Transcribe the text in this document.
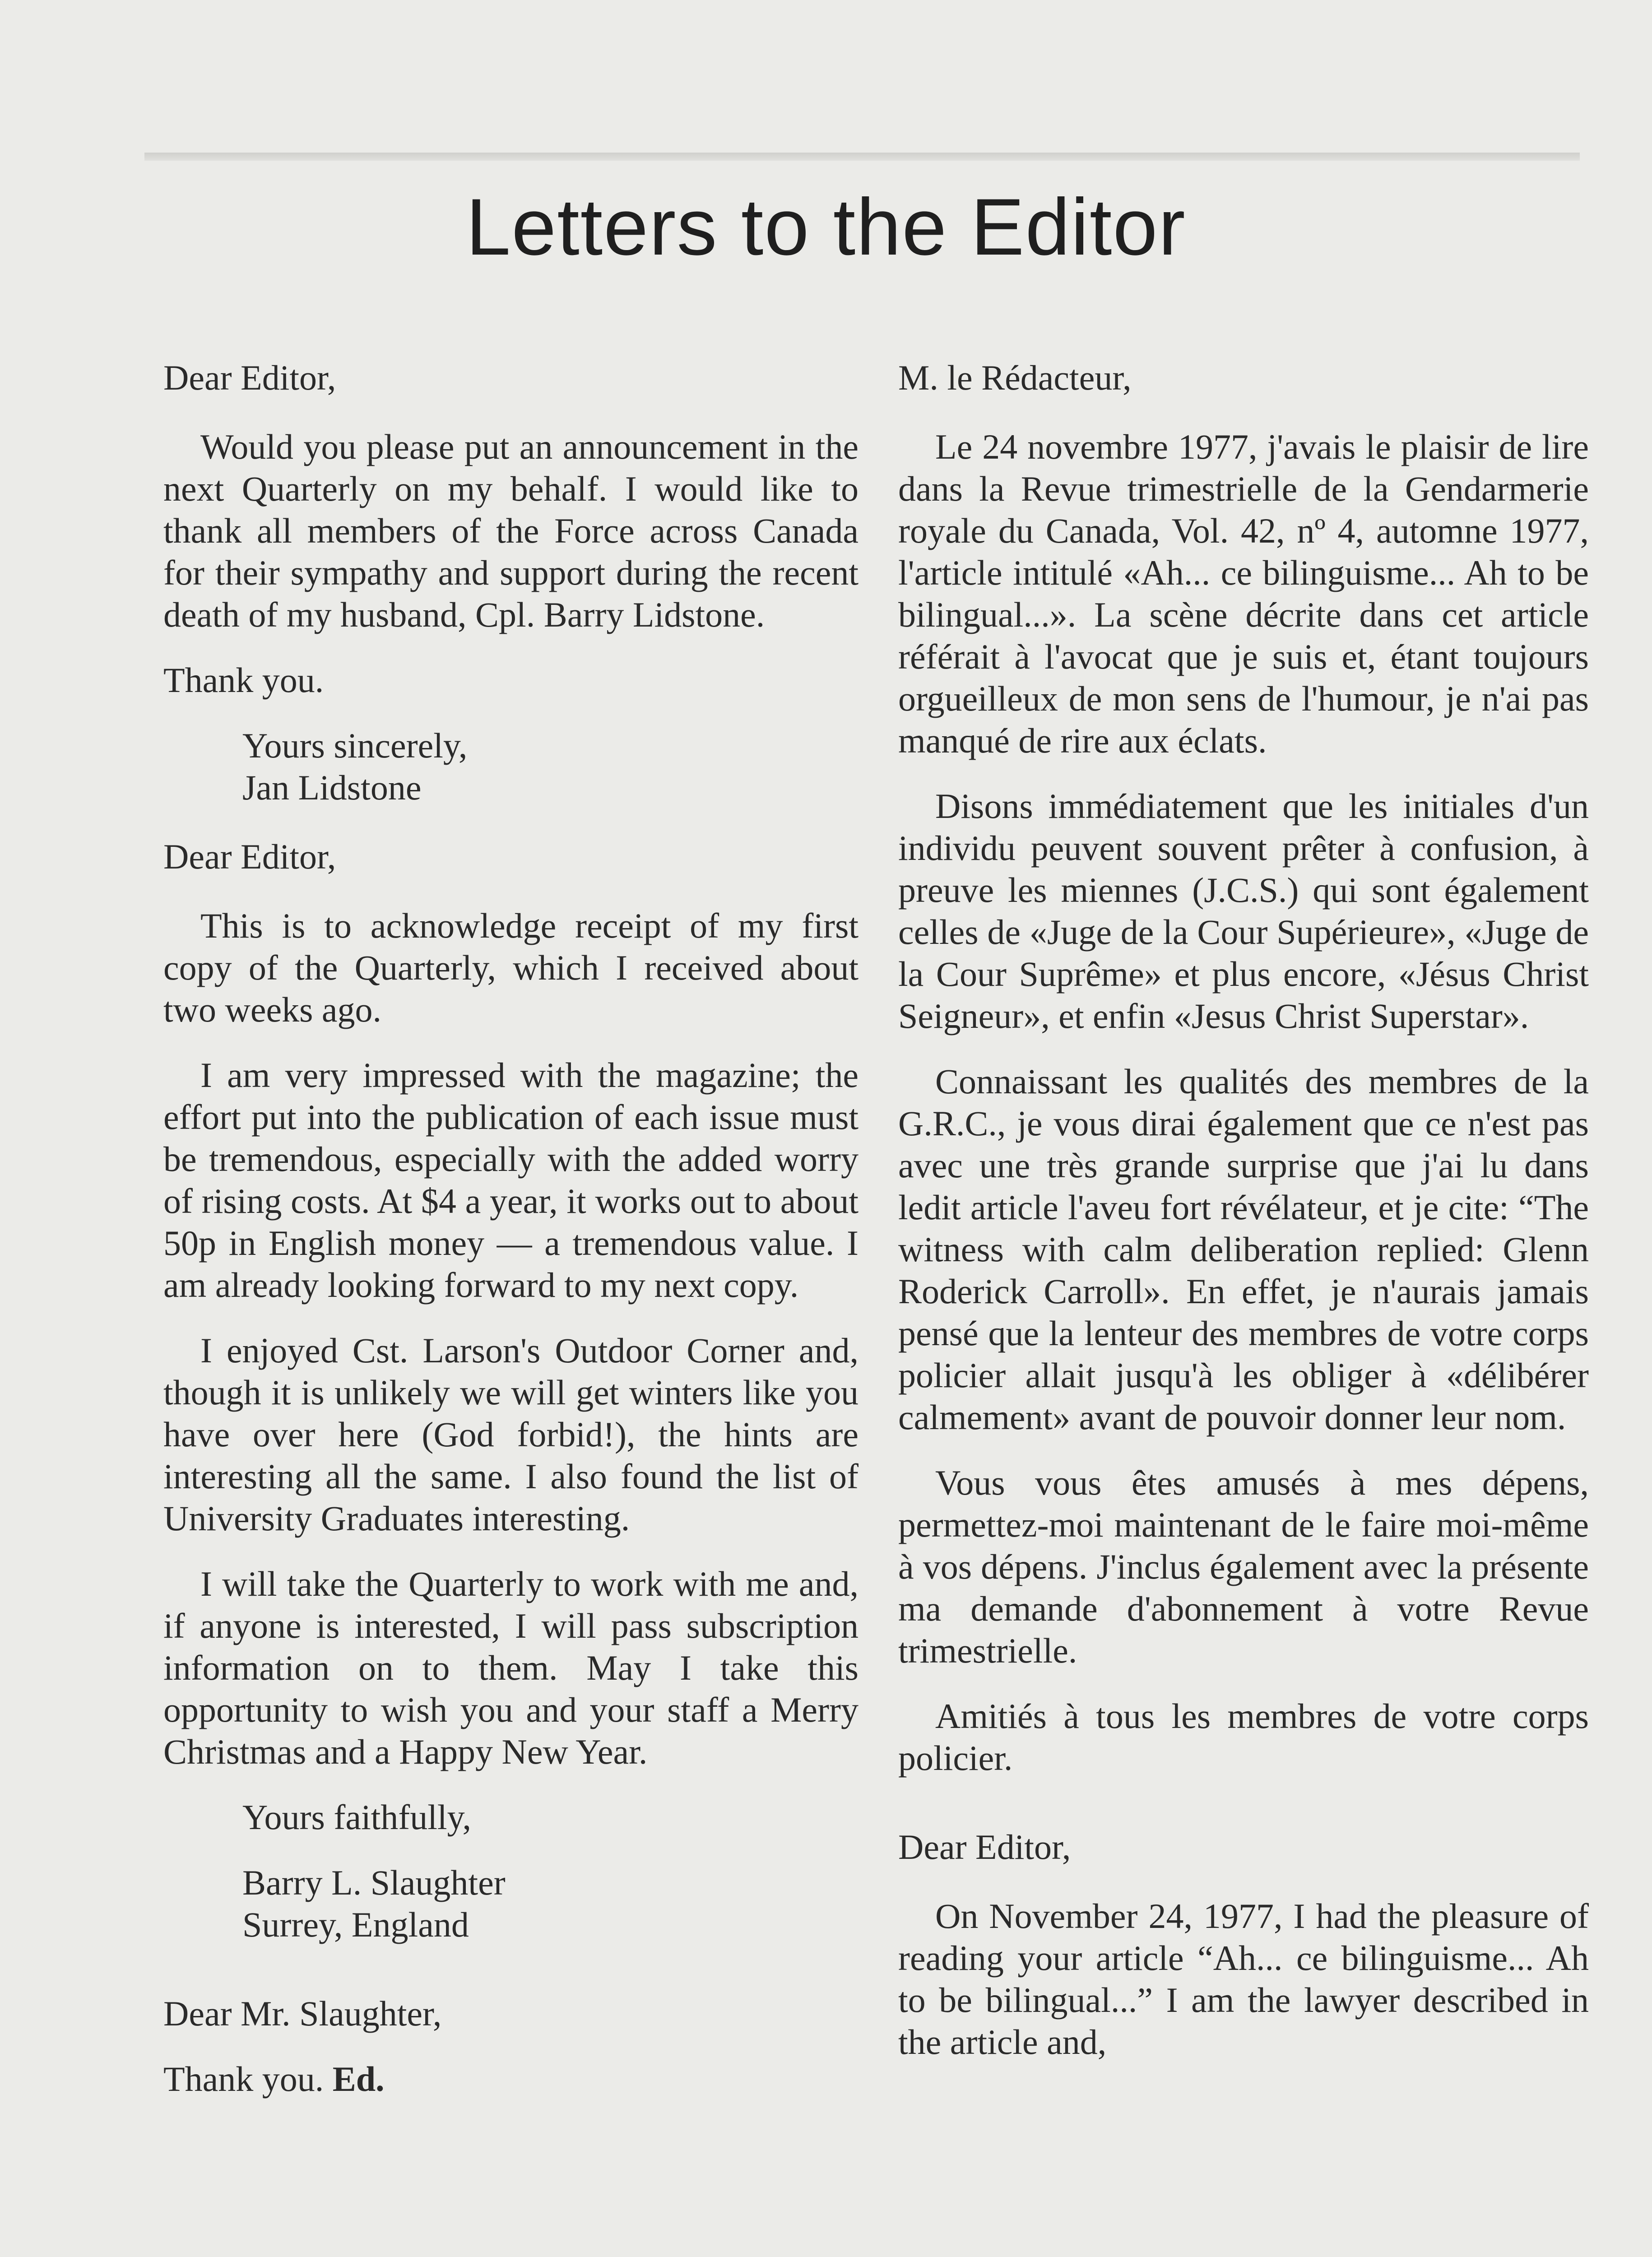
Letters to the Editor

Dear Editor,

Would you please put an announcement in the next Quarterly on my behalf. I would like to thank all members of the Force across Canada for their sympathy and support during the recent death of my husband, Cpl. Barry Lidstone.

Thank you.

Yours sincerely,
Jan Lidstone

Dear Editor,

This is to acknowledge receipt of my first copy of the Quarterly, which I received about two weeks ago.

I am very impressed with the magazine; the effort put into the publication of each issue must be tremendous, especially with the added worry of rising costs. At $4 a year, it works out to about 50p in English money — a tremendous value. I am already looking forward to my next copy.

I enjoyed Cst. Larson's Outdoor Corner and, though it is unlikely we will get winters like you have over here (God forbid!), the hints are interesting all the same. I also found the list of University Graduates interesting.

I will take the Quarterly to work with me and, if anyone is interested, I will pass subscription information on to them. May I take this opportunity to wish you and your staff a Merry Christmas and a Happy New Year.

Yours faithfully,
Barry L. Slaughter
Surrey, England

Dear Mr. Slaughter,

Thank you. Ed.

M. le Rédacteur,

Le 24 novembre 1977, j'avais le plaisir de lire dans la Revue trimestrielle de la Gendarmerie royale du Canada, Vol. 42, nº 4, automne 1977, l'article intitulé «Ah... ce bilinguisme... Ah to be bilingual...». La scène décrite dans cet article référait à l'avocat que je suis et, étant toujours orgueilleux de mon sens de l'humour, je n'ai pas manqué de rire aux éclats.

Disons immédiatement que les initiales d'un individu peuvent souvent prêter à confusion, à preuve les miennes (J.C.S.) qui sont également celles de «Juge de la Cour Supérieure», «Juge de la Cour Suprême» et plus encore, «Jésus Christ Seigneur», et enfin «Jesus Christ Superstar».

Connaissant les qualités des membres de la G.R.C., je vous dirai également que ce n'est pas avec une très grande surprise que j'ai lu dans ledit article l'aveu fort révélateur, et je cite: “The witness with calm deliberation replied: Glenn Roderick Carroll». En effet, je n'aurais jamais pensé que la lenteur des membres de votre corps policier allait jusqu'à les obliger à «délibérer calmement» avant de pouvoir donner leur nom.

Vous vous êtes amusés à mes dépens, permettez-moi maintenant de le faire moi-même à vos dépens. J'inclus également avec la présente ma demande d'abonnement à votre Revue trimestrielle.

Amitiés à tous les membres de votre corps policier.

Dear Editor,

On November 24, 1977, I had the pleasure of reading your article “Ah... ce bilinguisme... Ah to be bilingual...” I am the lawyer described in the article and,
